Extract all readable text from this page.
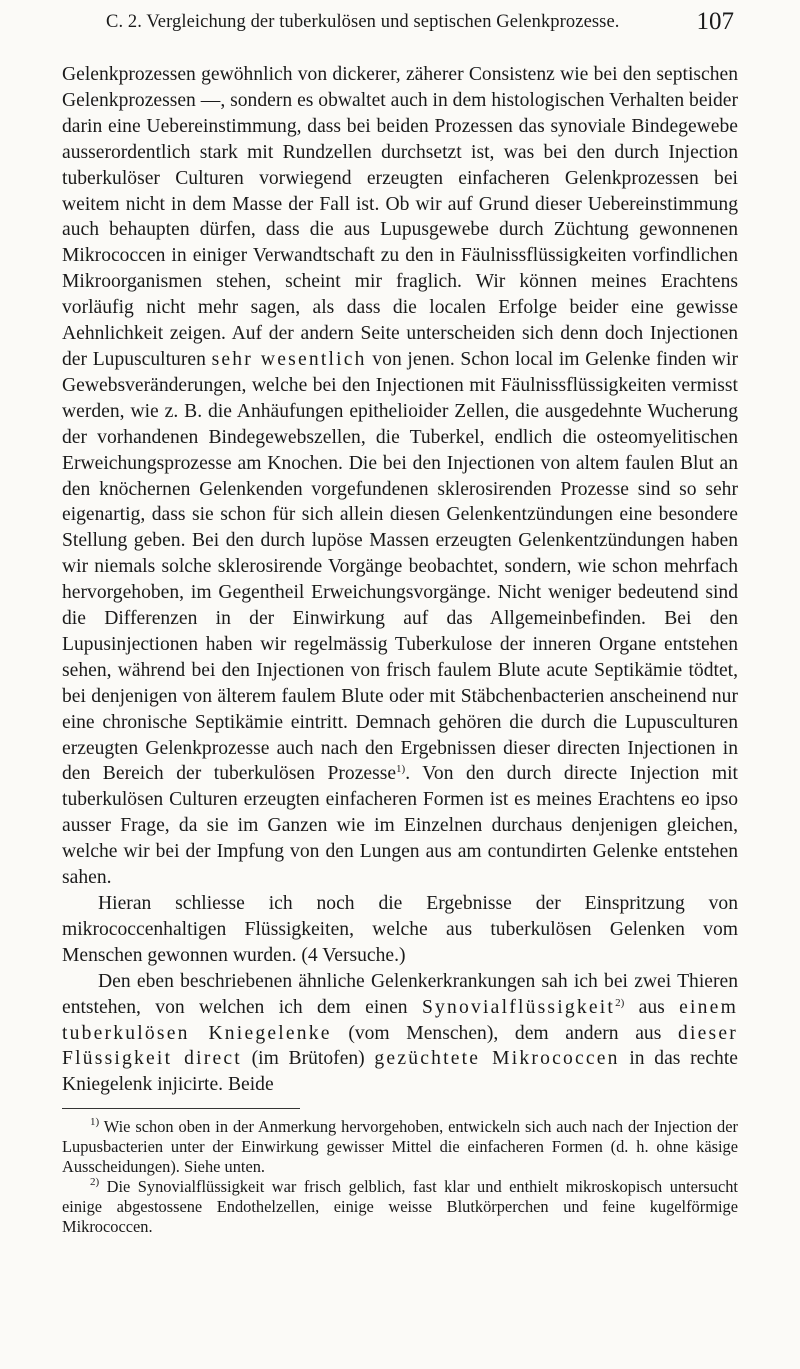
C. 2. Vergleichung der tuberkulösen und septischen Gelenkprozesse.	107

Gelenkprozessen gewöhnlich von dickerer, zäherer Consistenz wie bei den septischen Gelenkprozessen —, sondern es obwaltet auch in dem histologischen Verhalten beider darin eine Uebereinstimmung, dass bei beiden Prozessen das synoviale Bindegewebe ausserordentlich stark mit Rundzellen durchsetzt ist, was bei den durch Injection tuberkulöser Culturen vorwiegend erzeugten einfacheren Gelenkprozessen bei weitem nicht in dem Masse der Fall ist. Ob wir auf Grund dieser Uebereinstimmung auch behaupten dürfen, dass die aus Lupusgewebe durch Züchtung gewonnenen Mikrococcen in einiger Verwandtschaft zu den in Fäulnissflüssigkeiten vorfindlichen Mikroorganismen stehen, scheint mir fraglich. Wir können meines Erachtens vorläufig nicht mehr sagen, als dass die localen Erfolge beider eine gewisse Aehnlichkeit zeigen. Auf der andern Seite unterscheiden sich denn doch Injectionen der Lupusculturen sehr wesentlich von jenen. Schon local im Gelenke finden wir Gewebsveränderungen, welche bei den Injectionen mit Fäulnissflüssigkeiten vermisst werden, wie z. B. die Anhäufungen epithelioider Zellen, die ausgedehnte Wucherung der vorhandenen Bindegewebszellen, die Tuberkel, endlich die osteomyelitischen Erweichungsprozesse am Knochen. Die bei den Injectionen von altem faulen Blut an den knöchernen Gelenkenden vorgefundenen sklerosirenden Prozesse sind so sehr eigenartig, dass sie schon für sich allein diesen Gelenkentzündungen eine besondere Stellung geben. Bei den durch lupöse Massen erzeugten Gelenkentzündungen haben wir niemals solche sklerosirende Vorgänge beobachtet, sondern, wie schon mehrfach hervorgehoben, im Gegentheil Erweichungsvorgänge. Nicht weniger bedeutend sind die Differenzen in der Einwirkung auf das Allgemeinbefinden. Bei den Lupusinjectionen haben wir regelmässig Tuberkulose der inneren Organe entstehen sehen, während bei den Injectionen von frisch faulem Blute acute Septikämie tödtet, bei denjenigen von älterem faulem Blute oder mit Stäbchenbacterien anscheinend nur eine chronische Septikämie eintritt. Demnach gehören die durch die Lupusculturen erzeugten Gelenkprozesse auch nach den Ergebnissen dieser directen Injectionen in den Bereich der tuberkulösen Prozesse$^{1)}$. Von den durch directe Injection mit tuberkulösen Culturen erzeugten einfacheren Formen ist es meines Erachtens eo ipso ausser Frage, da sie im Ganzen wie im Einzelnen durchaus denjenigen gleichen, welche wir bei der Impfung von den Lungen aus am contundirten Gelenke entstehen sahen.

Hieran schliesse ich noch die Ergebnisse der Einspritzung von mikrococcenhaltigen Flüssigkeiten, welche aus tuberkulösen Gelenken vom Menschen gewonnen wurden. (4 Versuche.)

Den eben beschriebenen ähnliche Gelenkerkrankungen sah ich bei zwei Thieren entstehen, von welchen ich dem einen Synovialflüssigkeit$^{2)}$ aus einem tuberkulösen Kniegelenke (vom Menschen), dem andern aus dieser Flüssigkeit direct (im Brütofen) gezüchtete Mikrococcen in das rechte Kniegelenk injicirte. Beide

$^{1)}$ Wie schon oben in der Anmerkung hervorgehoben, entwickeln sich auch nach der Injection der Lupusbacterien unter der Einwirkung gewisser Mittel die einfacheren Formen (d. h. ohne käsige Ausscheidungen). Siehe unten.

$^{2)}$ Die Synovialflüssigkeit war frisch gelblich, fast klar und enthielt mikroskopisch untersucht einige abgestossene Endothelzellen, einige weisse Blutkörperchen und feine kugelförmige Mikrococcen.
